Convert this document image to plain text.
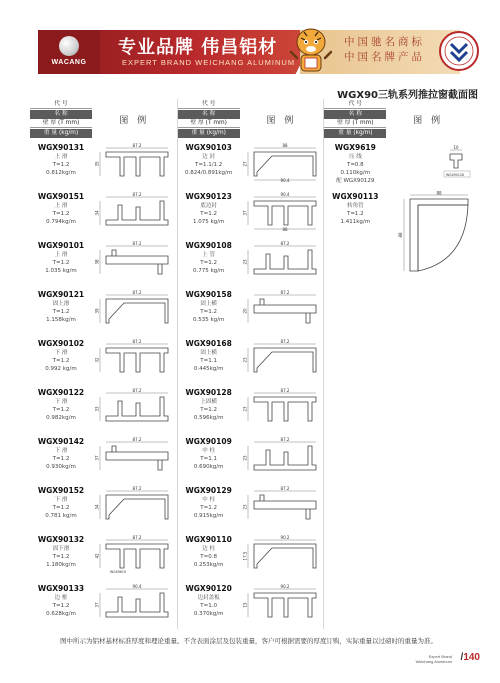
WACANG
专业品牌 伟昌铝材
EXPERT BRAND WEICHANG ALUMINUM
中国驰名商标
中国名牌产品
WGX90三轨系列推拉窗截面图
代 号
名 称
壁 厚 (T mm)
重 量 (kg/m)
图 例
WGX90131
上 滑
T=1.2
0.812kg/m
87.2
35
WGX90151
上 滑
T=1.2
0.794kg/m
87.2
34
WGX90101
上 滑
T=1.2
1.035 kg/m
87.2
38
WGX90121
固上滑
T=1.2
1.158kg/m
87.2
39
WGX90102
下 滑
T=1.2
0.992 kg/m
87.2
32
WGX90122
下 滑
T=1.2
0.982kg/m
87.2
33
WGX90142
下 滑
T=1.2
0.930kg/m
87.2
37
WGX90152
下 滑
T=1.2
0.781 kg/m
87.2
34
WGX90132
固下滑
T=1.2
1.180kg/m
87.2
42
WGX9619
WGX90133
边 框
T=1.2
0.628kg/m
90.4
37
代 号
名 称
壁 厚 (T mm)
重 量 (kg/m)
图 例
WGX90103
边 封
T=1.1/1.2
0.824/0.891kg/m
88
27
90.4
WGX90123
底边封
T=1.2
1.075 kg/m
90.4
37
88
WGX90108
上 管
T=1.2
0.775 kg/m
87.2
23
WGX90158
固上横
T=1.2
0.535 kg/m
87.2
20
WGX90168
固上横
T=1.1
0.445kg/m
87.2
23
WGX90128
上固横
T=1.2
0.596kg/m
87.2
23
WGX90109
中 柱
T=1.1
0.690kg/m
87.2
23
WGX90129
中 柱
T=1.2
0.915kg/m
87.2
23
WGX90110
边 柱
T=0.8
0.253kg/m
90.2
17.5
WGX90120
边封盖板
T=1.0
0.370kg/m
90.2
15
代 号
名 称
壁 厚 (T mm)
重 量 (kg/m)
图 例
WGX9619
压 线
T=0.8
0.110kg/m
配 WGX90129
10
WGX90128
WGX90113
转角管
T=1.2
1.411kg/m
88
88
图中所示为铝材基材标准厚度和理论重量。不含表面涂层及包装重量，客户可根据需要的厚度订购，实际重量以过磅时的重量为准。
Expert Brand
Weichang Aluminum /140
